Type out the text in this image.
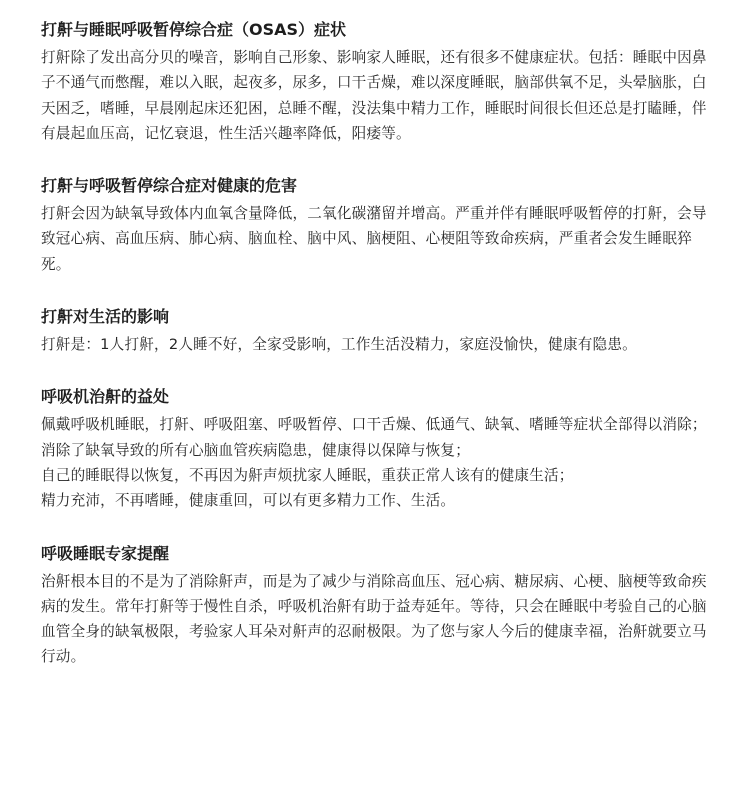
打鼾与睡眠呼吸暂停综合症（OSAS）症状

打鼾除了发出高分贝的噪音，影响自己形象、影响家人睡眠，还有很多不健康症状。包括：睡眠中因鼻子不通气而憋醒，难以入眠，起夜多，尿多，口干舌燥，难以深度睡眠，脑部供氧不足，头晕脑胀，白天困乏，嗜睡，早晨刚起床还犯困，总睡不醒，没法集中精力工作，睡眠时间很长但还总是打瞌睡，伴有晨起血压高，记忆衰退，性生活兴趣率降低，阳痿等。

打鼾与呼吸暂停综合症对健康的危害

打鼾会因为缺氧导致体内血氧含量降低，二氧化碳潴留并增高。严重并伴有睡眠呼吸暂停的打鼾，会导致冠心病、高血压病、肺心病、脑血栓、脑中风、脑梗阻、心梗阻等致命疾病，严重者会发生睡眠猝死。

打鼾对生活的影响

打鼾是：1人打鼾，2人睡不好，全家受影响，工作生活没精力，家庭没愉快，健康有隐患。

呼吸机治鼾的益处

佩戴呼吸机睡眠，打鼾、呼吸阻塞、呼吸暂停、口干舌燥、低通气、缺氧、嗜睡等症状全部得以消除；

消除了缺氧导致的所有心脑血管疾病隐患，健康得以保障与恢复；

自己的睡眠得以恢复，不再因为鼾声烦扰家人睡眠，重获正常人该有的健康生活；

精力充沛，不再嗜睡，健康重回，可以有更多精力工作、生活。

呼吸睡眠专家提醒

治鼾根本目的不是为了消除鼾声，而是为了减少与消除高血压、冠心病、糖尿病、心梗、脑梗等致命疾病的发生。常年打鼾等于慢性自杀，呼吸机治鼾有助于益寿延年。等待，只会在睡眠中考验自己的心脑血管全身的缺氧极限，考验家人耳朵对鼾声的忍耐极限。为了您与家人今后的健康幸福，治鼾就要立马行动。
